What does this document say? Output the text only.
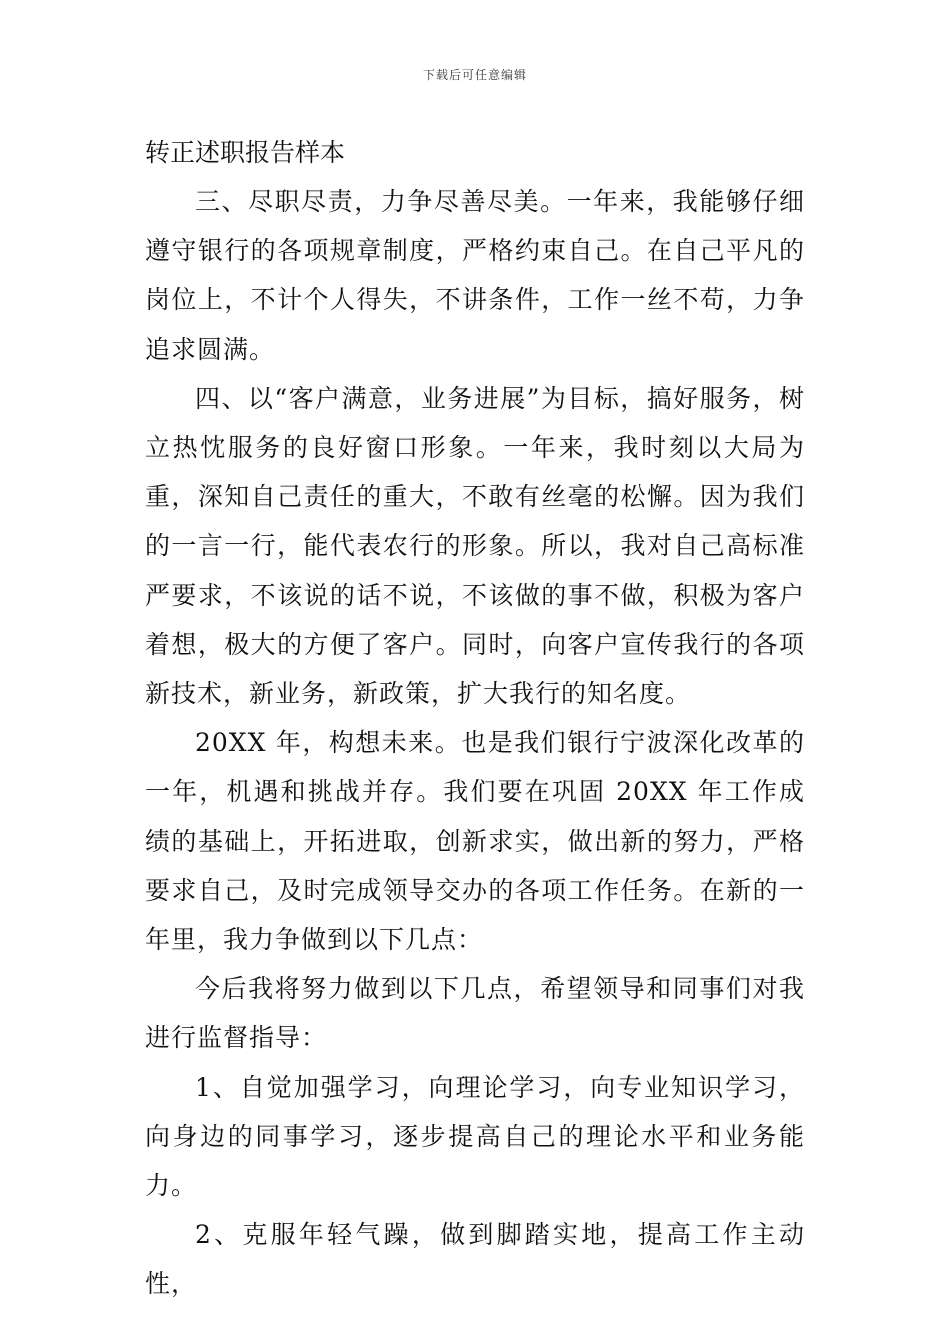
下载后可任意编辑
转正述职报告样本

三、尽职尽责，力争尽善尽美。一年来，我能够仔细遵守银行的各项规章制度，严格约束自己。在自己平凡的岗位上，不计个人得失，不讲条件，工作一丝不苟，力争追求圆满。

四、以“客户满意，业务进展”为目标，搞好服务，树立热忱服务的良好窗口形象。一年来，我时刻以大局为重，深知自己责任的重大，不敢有丝毫的松懈。因为我们的一言一行，能代表农行的形象。所以，我对自己高标准严要求，不该说的话不说，不该做的事不做，积极为客户着想，极大的方便了客户。同时，向客户宣传我行的各项新技术，新业务，新政策，扩大我行的知名度。

20XX 年，构想未来。也是我们银行宁波深化改革的一年，机遇和挑战并存。我们要在巩固 20XX 年工作成绩的基础上，开拓进取，创新求实，做出新的努力，严格要求自己，及时完成领导交办的各项工作任务。在新的一年里，我力争做到以下几点：

今后我将努力做到以下几点，希望领导和同事们对我进行监督指导：

1、自觉加强学习，向理论学习，向专业知识学习，向身边的同事学习，逐步提高自己的理论水平和业务能力。

2、克服年轻气躁，做到脚踏实地，提高工作主动性，
